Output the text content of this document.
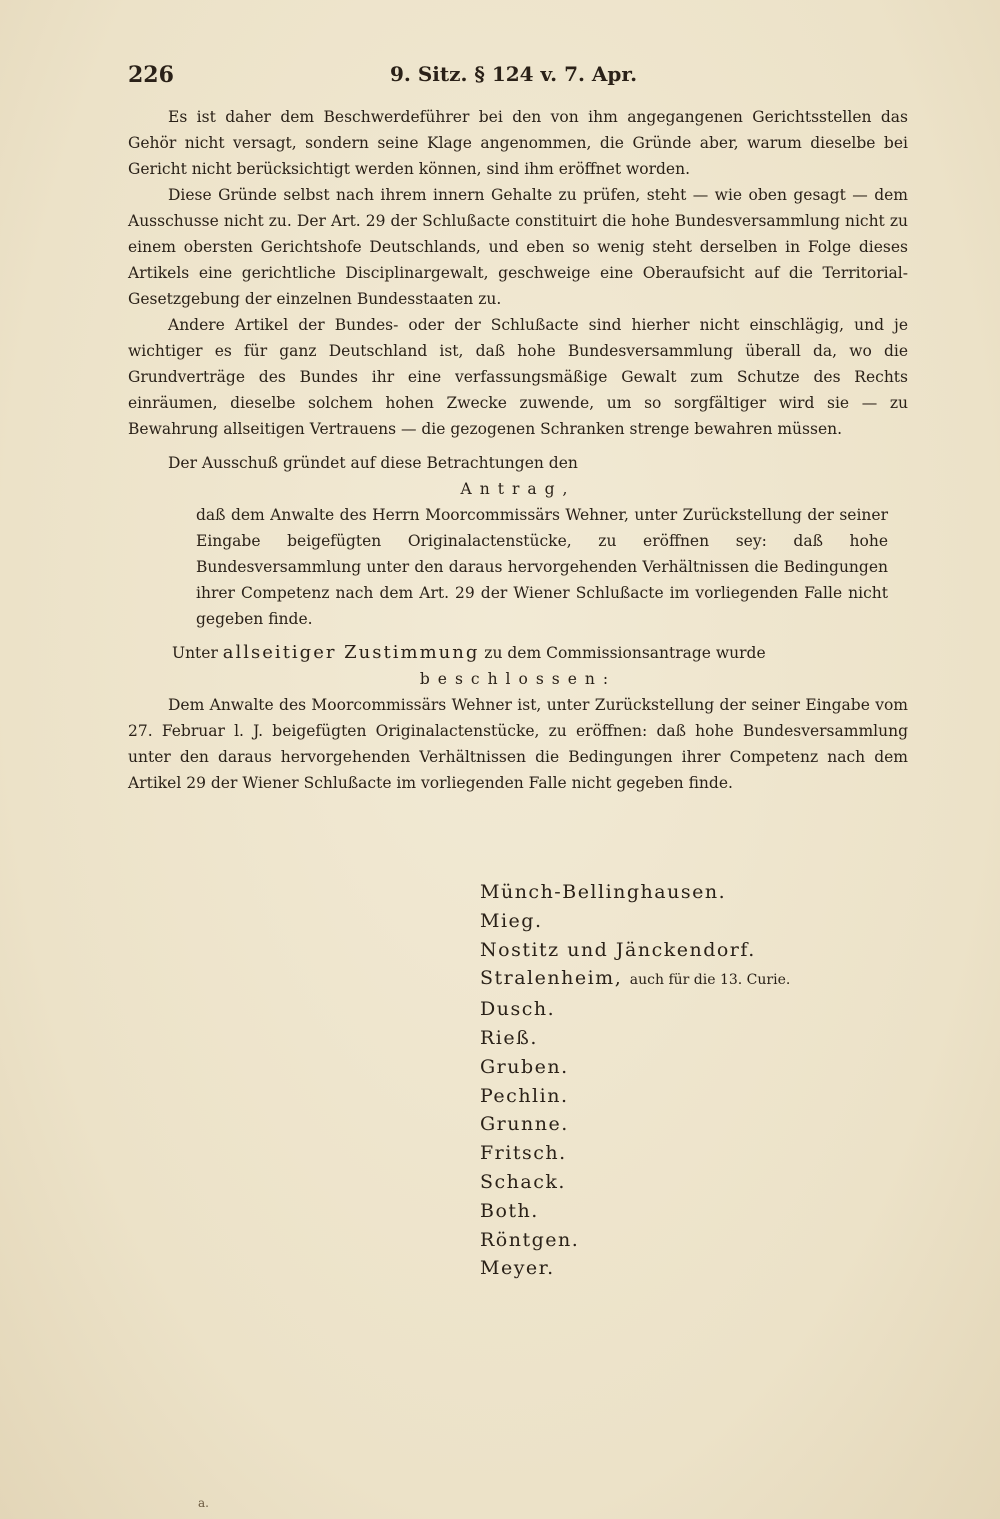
226	9. Sitz. § 124 v. 7. Apr.

Es ist daher dem Beschwerdeführer bei den von ihm angegangenen Gerichtsstellen das Gehör nicht versagt, sondern seine Klage angenommen, die Gründe aber, warum dieselbe bei Gericht nicht berücksichtigt werden können, sind ihm eröffnet worden.

Diese Gründe selbst nach ihrem innern Gehalte zu prüfen, steht — wie oben gesagt — dem Ausschusse nicht zu. Der Art. 29 der Schlußacte constituirt die hohe Bundesversammlung nicht zu einem obersten Gerichtshofe Deutschlands, und eben so wenig steht derselben in Folge dieses Artikels eine gerichtliche Disciplinargewalt, geschweige eine Oberaufsicht auf die Territorial-Gesetzgebung der einzelnen Bundesstaaten zu.

Andere Artikel der Bundes- oder der Schlußacte sind hierher nicht einschlägig, und je wichtiger es für ganz Deutschland ist, daß hohe Bundesversammlung überall da, wo die Grundverträge des Bundes ihr eine verfassungsmäßige Gewalt zum Schutze des Rechts einräumen, dieselbe solchem hohen Zwecke zuwende, um so sorgfältiger wird sie — zu Bewahrung allseitigen Vertrauens — die gezogenen Schranken strenge bewahren müssen.

Der Ausschuß gründet auf diese Betrachtungen den

Antrag,

daß dem Anwalte des Herrn Moorcommissärs Wehner, unter Zurückstellung der seiner Eingabe beigefügten Originalactenstücke, zu eröffnen sey: daß hohe Bundesversammlung unter den daraus hervorgehenden Verhältnissen die Bedingungen ihrer Competenz nach dem Art. 29 der Wiener Schlußacte im vorliegenden Falle nicht gegeben finde.

Unter allseitiger Zustimmung zu dem Commissionsantrage wurde

beschlossen:

Dem Anwalte des Moorcommissärs Wehner ist, unter Zurückstellung der seiner Eingabe vom 27. Februar l. J. beigefügten Originalactenstücke, zu eröffnen: daß hohe Bundesversammlung unter den daraus hervorgehenden Verhältnissen die Bedingungen ihrer Competenz nach dem Artikel 29 der Wiener Schlußacte im vorliegenden Falle nicht gegeben finde.

Münch-Bellinghausen.
Mieg.
Nostitz und Jänckendorf.
Stralenheim, auch für die 13. Curie.
Dusch.
Rieß.
Gruben.
Pechlin.
Grunne.
Fritsch.
Schack.
Both.
Röntgen.
Meyer.
a.
